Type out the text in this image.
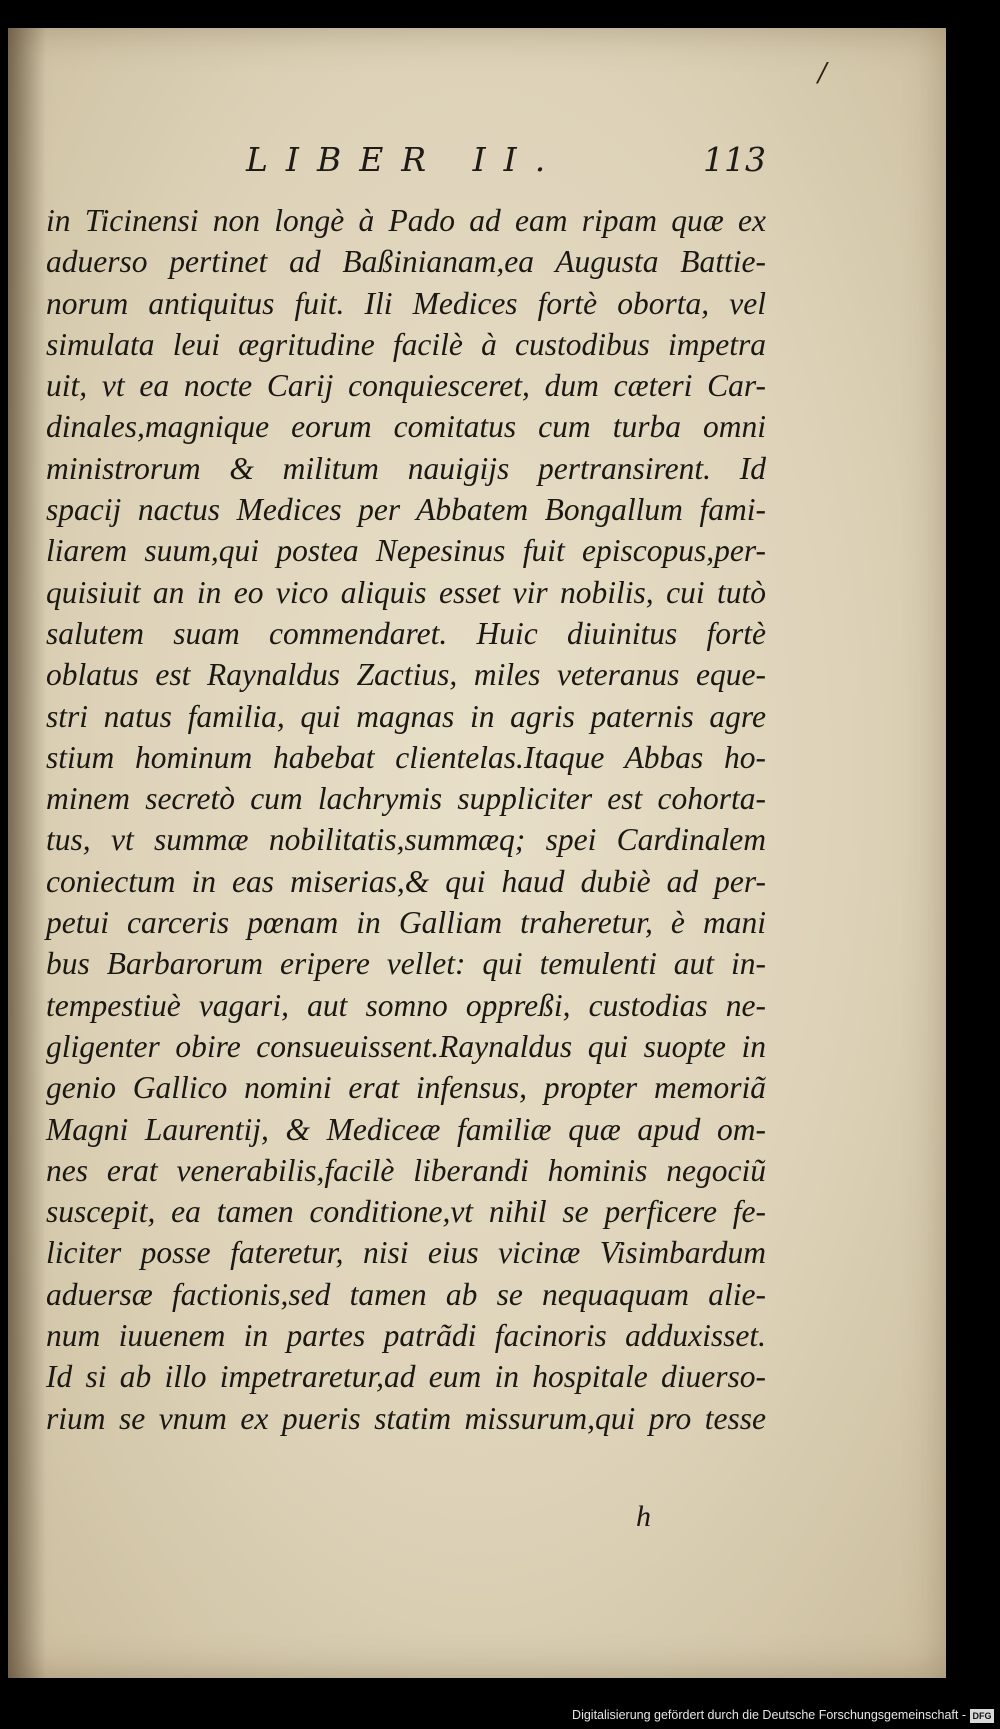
/
LIBER II.	113
in Ticinensi non longè à Pado ad eam ripam quæ ex
aduerso pertinet ad Baßinianam,ea Augusta Battie-
norum antiquitus fuit. Ili Medices fortè oborta, vel
simulata leui ægritudine facilè à custodibus impetra
uit, vt ea nocte Carij conquiesceret, dum cæteri Car-
dinales,magnique eorum comitatus cum turba omni
ministrorum & militum nauigijs pertransirent. Id
spacij nactus Medices per Abbatem Bongallum fami-
liarem suum,qui postea Nepesinus fuit episcopus,per-
quisiuit an in eo vico aliquis esset vir nobilis, cui tutò
salutem suam commendaret. Huic diuinitus fortè
oblatus est Raynaldus Zactius, miles veteranus eque-
stri natus familia, qui magnas in agris paternis agre
stium hominum habebat clientelas.Itaque Abbas ho-
minem secretò cum lachrymis suppliciter est cohorta-
tus, vt summæ nobilitatis,summæq; spei Cardinalem
coniectum in eas miserias,& qui haud dubiè ad per-
petui carceris pœnam in Galliam traheretur, è mani
bus Barbarorum eripere vellet: qui temulenti aut in-
tempestiuè vagari, aut somno oppreßi, custodias ne-
gligenter obire consueuissent.Raynaldus qui suopte in
genio Gallico nomini erat infensus, propter memoriã
Magni Laurentij, & Mediceæ familiæ quæ apud om-
nes erat venerabilis,facilè liberandi hominis negociũ
suscepit, ea tamen conditione,vt nihil se perficere fe-
liciter posse fateretur, nisi eius vicinæ Visimbardum
aduersæ factionis,sed tamen ab se nequaquam alie-
num iuuenem in partes patrãdi facinoris adduxisset.
Id si ab illo impetraretur,ad eum in hospitale diuerso-
rium se vnum ex pueris statim missurum,qui pro tesse
h
Digitalisierung gefördert durch die Deutsche Forschungsgemeinschaft - DFG
